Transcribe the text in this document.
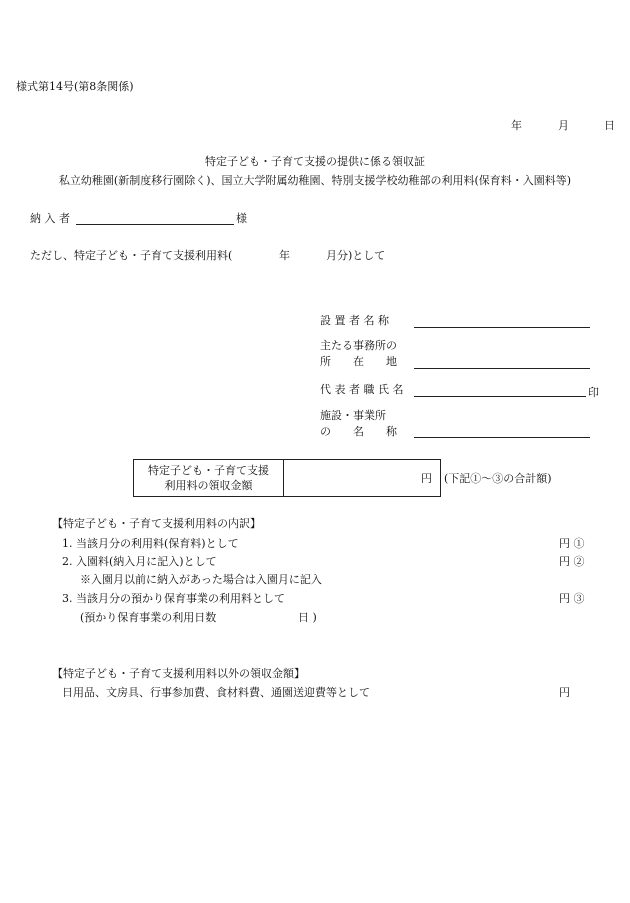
様式第14号(第8条関係)
年	月	日
特定子ども・子育て支援の提供に係る領収証
私立幼稚園(新制度移行園除く)、国立大学附属幼稚園、特別支援学校幼稚部の利用料(保育料・入園料等)
納 入 者	様
ただし、特定子ども・子育て支援利用料(	年	月分)として
設 置 者 名 称
主たる事務所の
所　　在　　地
代 表 者 職 氏 名	印
施設・事業所
の　　名　　称
特定子ども・子育て支援
利用料の領収金額
円 (下記①〜③の合計額)
【特定子ども・子育て支援利用料の内訳】
1. 当該月分の利用料(保育料)として	円 ①
2. 入園料(納入月に記入)として	円 ②
※入園月以前に納入があった場合は入園月に記入
3. 当該月分の預かり保育事業の利用料として	円 ③
(預かり保育事業の利用日数	日 )
【特定子ども・子育て支援利用料以外の領収金額】
日用品、文房具、行事参加費、食材料費、通園送迎費等として	円
